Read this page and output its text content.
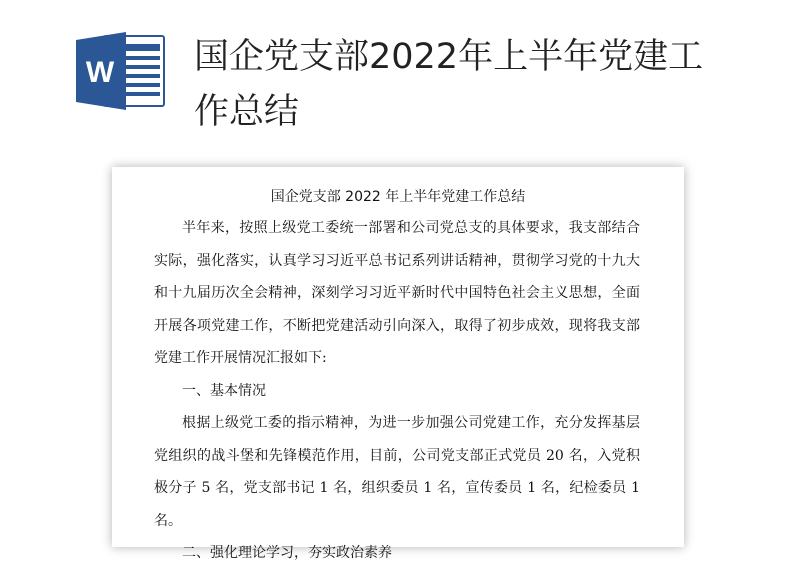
W 国企党支部2022年上半年党建工作总结
国企党支部 2022 年上半年党建工作总结

半年来，按照上级党工委统一部署和公司党总支的具体要求，我支部结合实际，强化落实，认真学习习近平总书记系列讲话精神，贯彻学习党的十九大和十九届历次全会精神，深刻学习习近平新时代中国特色社会主义思想，全面开展各项党建工作，不断把党建活动引向深入，取得了初步成效，现将我支部党建工作开展情况汇报如下:

一、基本情况

根据上级党工委的指示精神，为进一步加强公司党建工作，充分发挥基层党组织的战斗堡和先锋模范作用，目前，公司党支部正式党员 20 名，入党积极分子 5 名，党支部书记 1 名，组织委员 1 名，宣传委员 1 名，纪检委员 1 名。

二、强化理论学习，夯实政治素养
